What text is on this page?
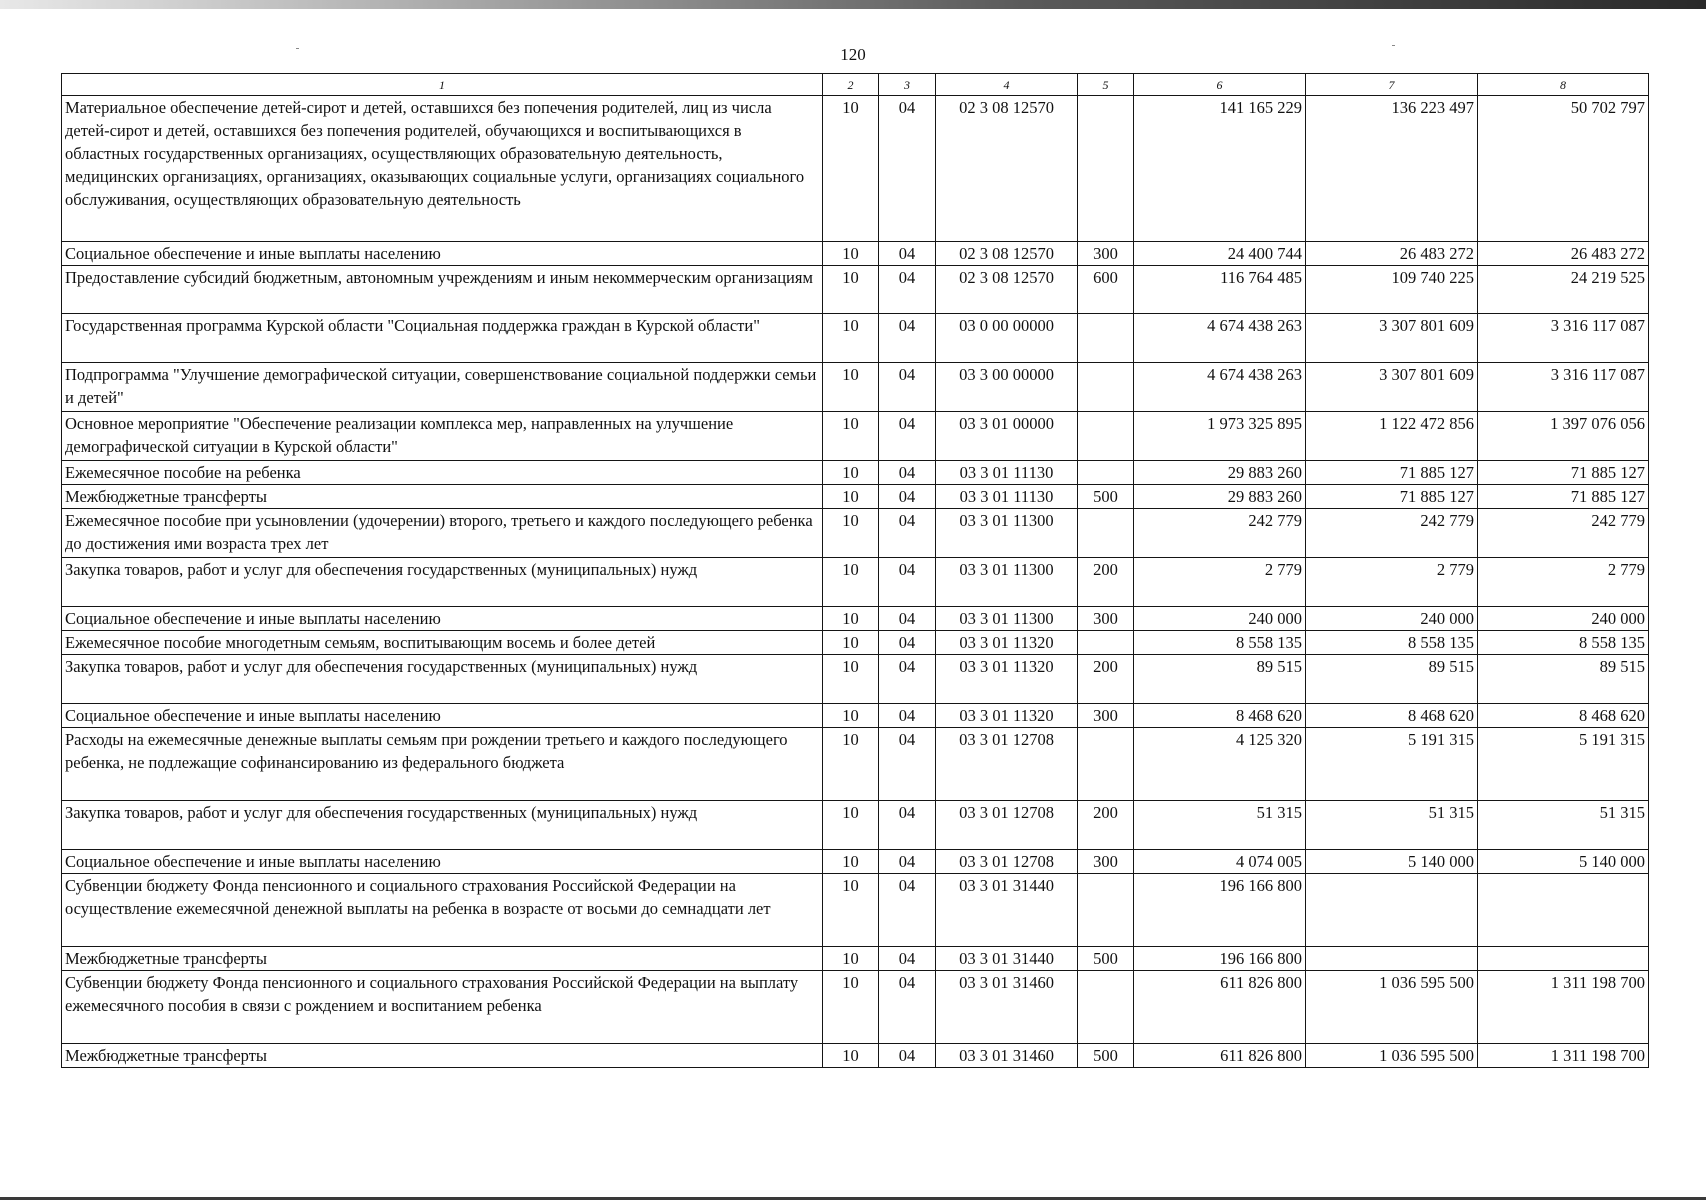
120
1	2	3	4	5	6	7	8
Материальное обеспечение детей-сирот и детей, оставшихся без попечения родителей, лиц из числа детей-сирот и детей, оставшихся без попечения родителей, обучающихся и воспитывающихся в областных государственных организациях, осуществляющих образовательную деятельность, медицинских организациях, организациях, оказывающих социальные услуги, организациях социального обслуживания, осуществляющих образовательную деятельность	10	04	02 3 08 12570		141 165 229	136 223 497	50 702 797
Социальное обеспечение и иные выплаты населению	10	04	02 3 08 12570	300	24 400 744	26 483 272	26 483 272
Предоставление субсидий бюджетным, автономным учреждениям и иным некоммерческим организациям	10	04	02 3 08 12570	600	116 764 485	109 740 225	24 219 525
Государственная программа Курской области "Социальная поддержка граждан в Курской области"	10	04	03 0 00 00000		4 674 438 263	3 307 801 609	3 316 117 087
Подпрограмма "Улучшение демографической ситуации, совершенствование социальной поддержки семьи и детей"	10	04	03 3 00 00000		4 674 438 263	3 307 801 609	3 316 117 087
Основное мероприятие "Обеспечение реализации комплекса мер, направленных на улучшение демографической ситуации в Курской области"	10	04	03 3 01 00000		1 973 325 895	1 122 472 856	1 397 076 056
Ежемесячное пособие на ребенка	10	04	03 3 01 11130		29 883 260	71 885 127	71 885 127
Межбюджетные трансферты	10	04	03 3 01 11130	500	29 883 260	71 885 127	71 885 127
Ежемесячное пособие при усыновлении (удочерении) второго, третьего и каждого последующего ребенка до достижения ими возраста трех лет	10	04	03 3 01 11300		242 779	242 779	242 779
Закупка товаров, работ и услуг для обеспечения государственных (муниципальных) нужд	10	04	03 3 01 11300	200	2 779	2 779	2 779
Социальное обеспечение и иные выплаты населению	10	04	03 3 01 11300	300	240 000	240 000	240 000
Ежемесячное пособие многодетным семьям, воспитывающим восемь и более детей	10	04	03 3 01 11320		8 558 135	8 558 135	8 558 135
Закупка товаров, работ и услуг для обеспечения государственных (муниципальных) нужд	10	04	03 3 01 11320	200	89 515	89 515	89 515
Социальное обеспечение и иные выплаты населению	10	04	03 3 01 11320	300	8 468 620	8 468 620	8 468 620
Расходы на ежемесячные денежные выплаты семьям при рождении третьего и каждого последующего ребенка, не подлежащие софинансированию из федерального бюджета	10	04	03 3 01 12708		4 125 320	5 191 315	5 191 315
Закупка товаров, работ и услуг для обеспечения государственных (муниципальных) нужд	10	04	03 3 01 12708	200	51 315	51 315	51 315
Социальное обеспечение и иные выплаты населению	10	04	03 3 01 12708	300	4 074 005	5 140 000	5 140 000
Субвенции бюджету Фонда пенсионного и социального страхования Российской Федерации на осуществление ежемесячной денежной выплаты на ребенка в возрасте от восьми до семнадцати лет	10	04	03 3 01 31440		196 166 800		
Межбюджетные трансферты	10	04	03 3 01 31440	500	196 166 800		
Субвенции бюджету Фонда пенсионного и социального страхования Российской Федерации на выплату ежемесячного пособия в связи с рождением и воспитанием ребенка	10	04	03 3 01 31460		611 826 800	1 036 595 500	1 311 198 700
Межбюджетные трансферты	10	04	03 3 01 31460	500	611 826 800	1 036 595 500	1 311 198 700
